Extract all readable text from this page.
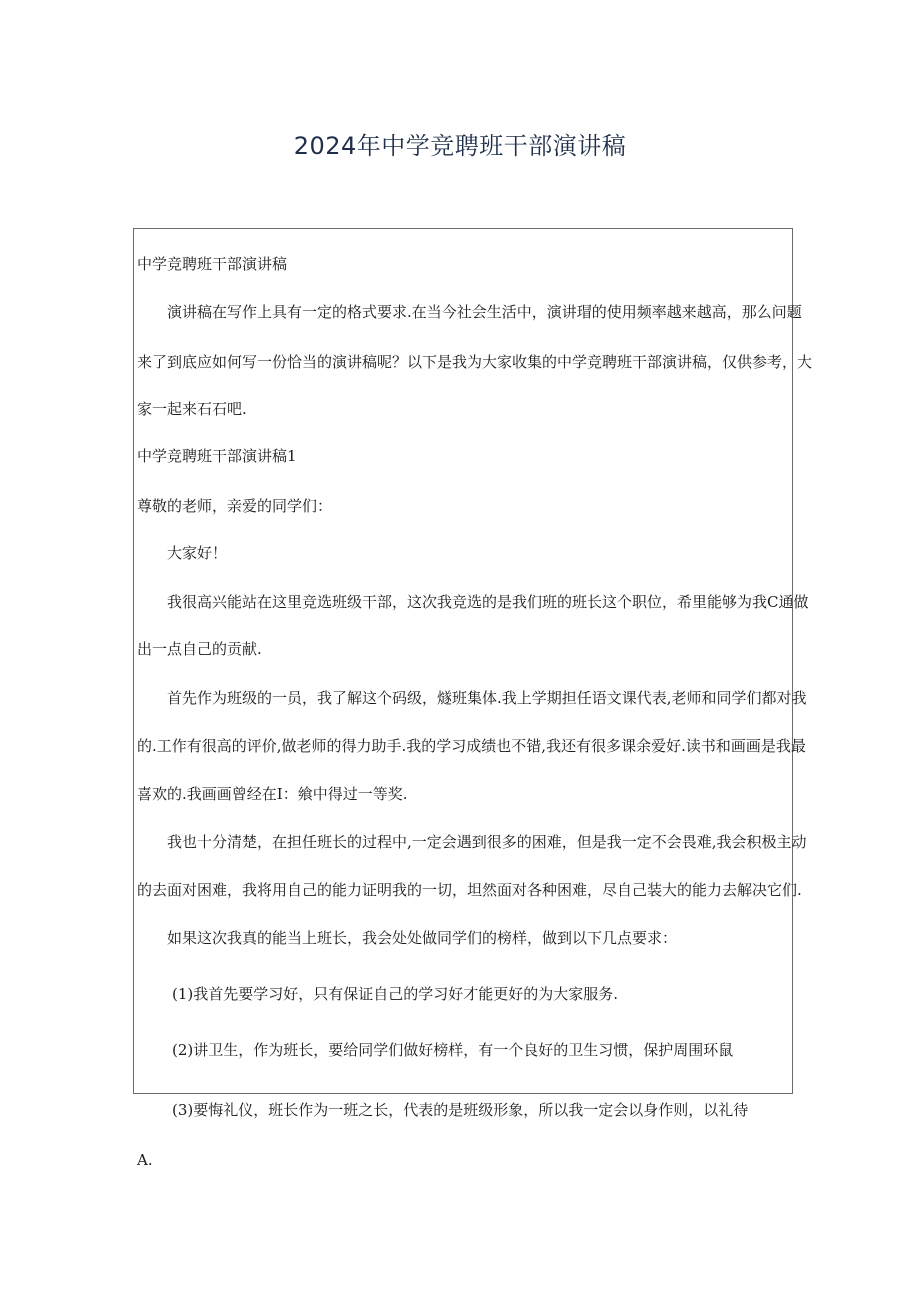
2024年中学竞聘班干部演讲稿

中学竞聘班干部演讲稿

演讲稿在写作上具有一定的格式要求.在当今社会生活中，演讲瑁的使用频率越来越高，那么问题

来了到底应如何写一份恰当的演讲稿呢？以下是我为大家收集的中学竞聘班干部演讲稿，仅供参考，大

家一起来石石吧.

中学竞聘班干部演讲稿1

尊敬的老师，亲爱的同学们：

大家好！

我很高兴能站在这里竞选班级干部，这次我竞选的是我们班的班长这个职位，希里能够为我C通做

出一点自己的贡献.

首先作为班级的一员，我了解这个码级，燧班集体.我上学期担任语文课代表,老师和同学们都对我

的.工作有很高的评价,做老师的得力助手.我的学习成绩也不错,我还有很多课余爱好.读书和画画是我最

喜欢的.我画画曾经在I：飨中得过一等奖.

我也十分清楚，在担任班长的过程中,一定会遇到很多的困难，但是我一定不会畏难,我会积极主动

的去面对困难，我将用自己的能力证明我的一切，坦然面对各种困难，尽自己装大的能力去解决它们.

如果这次我真的能当上班长，我会处处做同学们的榜样，做到以下几点要求：

(1)我首先要学习好，只有保证自己的学习好才能更好的为大家服务.

(2)讲卫生，作为班长，要给同学们做好榜样，有一个良好的卫生习惯，保护周围环鼠

(3)要悔礼仪，班长作为一班之长，代表的是班级形象，所以我一定会以身作则，以礼待

A.
